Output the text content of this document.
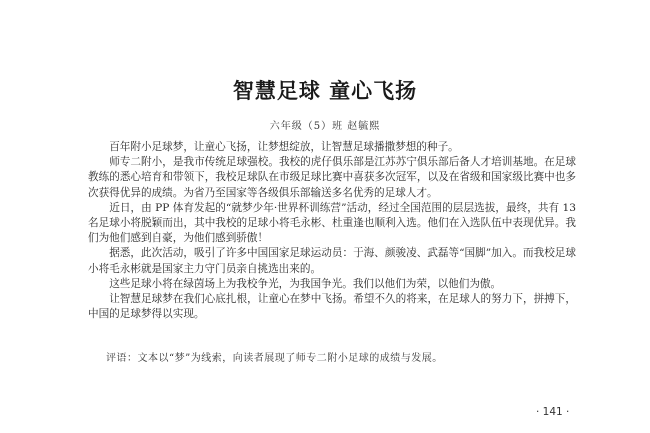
智慧足球 童心飞扬
六年级（5）班 赵毓熙

百年附小足球梦，让童心飞扬，让梦想绽放，让智慧足球播撒梦想的种子。

师专二附小，是我市传统足球强校。我校的虎仔俱乐部是江苏苏宁俱乐部后备人才培训基地。在足球教练的悉心培育和带领下，我校足球队在市级足球比赛中喜获多次冠军，以及在省级和国家级比赛中也多次获得优异的成绩。为省乃至国家等各级俱乐部输送多名优秀的足球人才。

近日，由 PP 体育发起的“就梦少年·世界杯训练营”活动，经过全国范围的层层选拔，最终，共有 13 名足球小将脱颖而出，其中我校的足球小将毛永彬、杜重逢也顺利入选。他们在入选队伍中表现优异。我们为他们感到自豪，为他们感到骄傲！

据悉，此次活动，吸引了许多中国国家足球运动员：于海、颜骏凌、武磊等“国脚”加入。而我校足球小将毛永彬就是国家主力守门员亲自挑选出来的。

这些足球小将在绿茵场上为我校争光，为我国争光。我们以他们为荣，以他们为傲。

让智慧足球梦在我们心底扎根，让童心在梦中飞扬。希望不久的将来，在足球人的努力下，拼搏下，中国的足球梦得以实现。

评语：文本以“梦”为线索，向读者展现了师专二附小足球的成绩与发展。
· 141 ·
